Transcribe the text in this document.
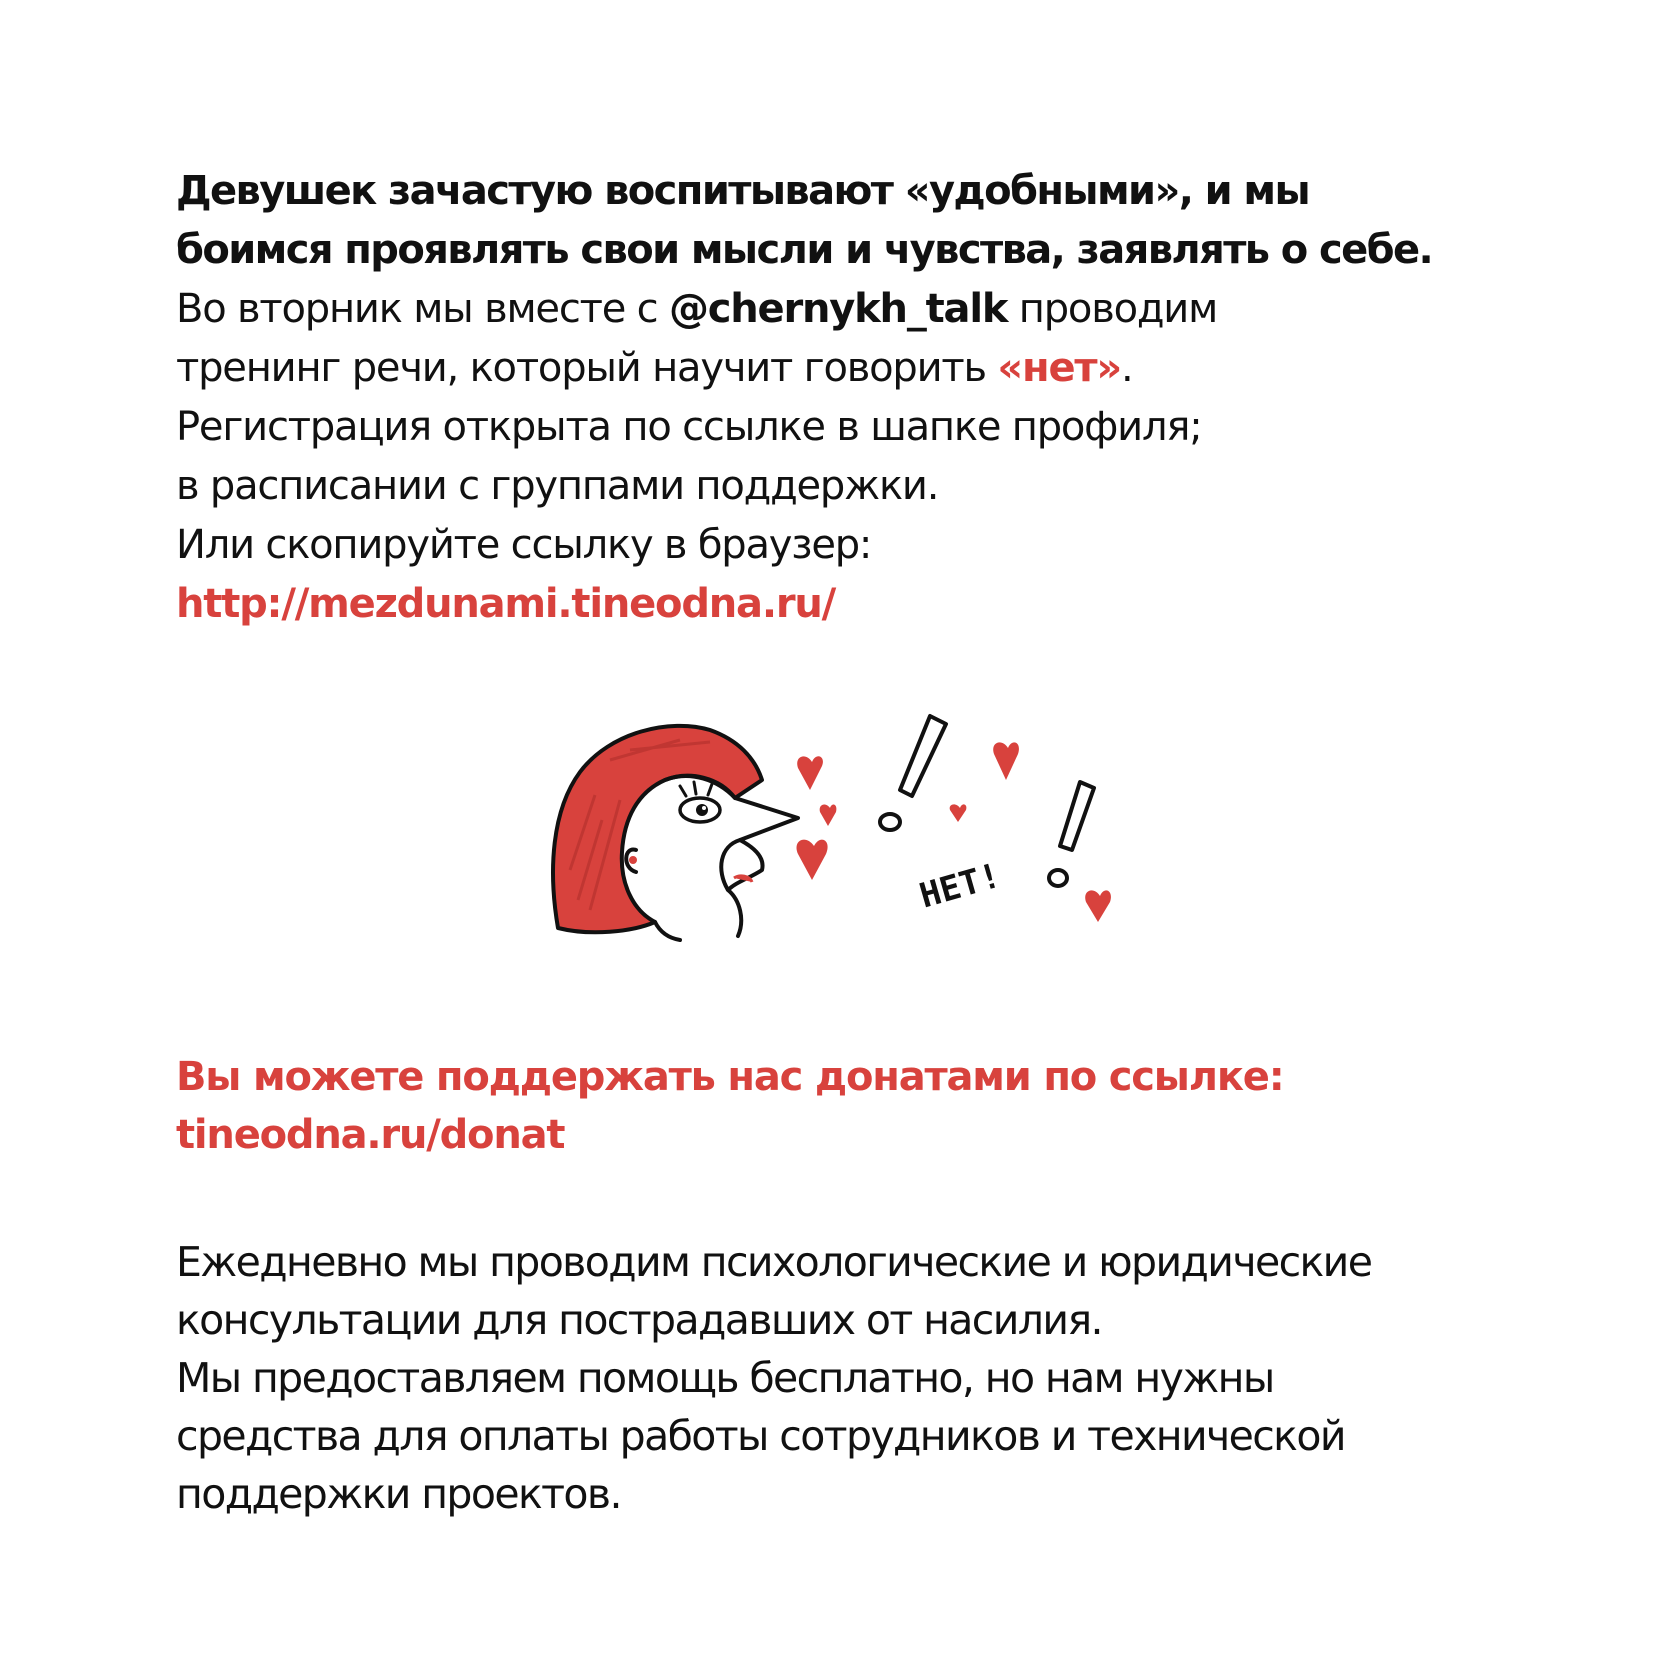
Девушек зачастую воспитывают «удобными», и мы
боимся проявлять свои мысли и чувства, заявлять о себе.
Во вторник мы вместе с @chernykh_talk проводим
тренинг речи, который научит говорить «нет».
Регистрация открыта по ссылке в шапке профиля;
в расписании с группами поддержки.
Или скопируйте ссылку в браузер:
http://mezdunami.tineodna.ru/
НЕТ!
Вы можете поддержать нас донатами по ссылке:
tineodna.ru/donat
Ежедневно мы проводим психологические и юридические
консультации для пострадавших от насилия.
Мы предоставляем помощь бесплатно, но нам нужны
средства для оплаты работы сотрудников и технической
поддержки проектов.
